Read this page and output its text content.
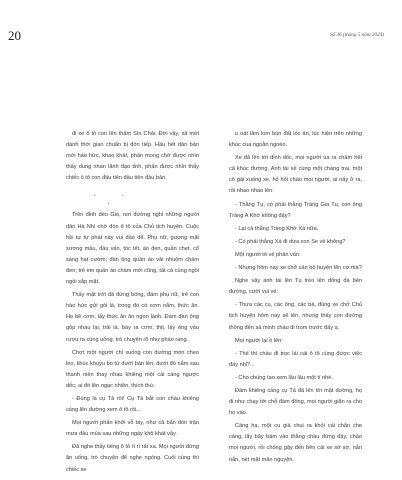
20	Số 36 (tháng 5 năm 2024)

đi xe ô tô con lên thăm Sìn Chải. Đời vậy, xã mới dành thời gian chuẩn bị đón tiếp. Hầu hết dân bản mới hào hức, khao khát, phấn mong chờ được nhìn thấy dung nhan lãnh đạo tỉnh, phấn được nhìn thấy chiếc ô tô con đầu tiên đầu tiên đầu bản.

*	*
*

Trên đỉnh đèo Gió, nơi đường nghỉ những người dân Hà Nhì chờ đón ô tô của Chủ tịch huyện. Cuộc hồi tự tự phát này vui đáo để. Phụ nữ, gương mặt sương màu, đầu vấn, tóc tết, áo đen, quần chẹt, cổ sáng hạt cườm; đàn ông quần áo vải nhuộm chàm đen; trẻ em quần áo chàm mới cũng, tất cả cùng ngồi ngồi sắp mặt.

Thấy mặt trời đã đứng bóng, đám phụ nữ, trẻ con hào hức gửi gói lá, trong đó có cơm nắm, thức ăn. Họ bẻ cơm, lấy thức ăn ăn ngon lành. Đám đàn ông gộp nhau lại, trải lá, bày ra cơm, thịt, lấy ống vầu rượu ra cùng uống, trò chuyện rổ như pháo rang.

Chợt một người chỉ xuống con đường mòn cheo leo, khúc khuỷu bo từ dưới bản lên, dưới đó nắm sau thanh niên thay nhau khiêng một cái cáng ngược dốc, ai đó lên ngạc nhiên, thích thú:

- Đúng là cụ Tả rồi! Cụ Tả bắt con cháu khiêng cáng lên đường xem ô tô rồi...

Mọi người phấn khởi vỗ tay, như cả bản đón trận mưa đầu mùa sau những ngày khô khát vậy.

Đã nghe thấy tiếng ô tô rì rì rất xa. Mọi người đứng ăn uống, trò chuyện để nghe ngóng. Cuối cùng thì chiếc xe

u oát lâm lom bùn đất lóc ấn, lúc hiện trên những khúc cua ngoằn ngoèo.

Xe đã lên tới đỉnh dốc, mọi người ùa ra chăm hết cả khúc đường. Anh tài xế cùng một chàng trai, một cô gái xuống xe, hỏ hỏi chào mọi người, ai nấy ở ra, rồi nhao nhao lên:

- Thằng Tụ, có phải thằng Tràng Gia Tụ, con ông Tràng A Khờ không đấy?

- Lại cả thằng Tràng Khờ Xá nữa.

- Có phải thằng Xá đi dưa con Se về không?

Một người tò vẻ phản vấn:

- Nhưng hôm nay xe chở cán bộ huyện lên cơ mà?

Nghe vậy anh tài lên Tụ trèo lên đống đá bên đường, cười vui vẻ:

- Thưa các cụ, các ông, các bà, đúng xe chở Chủ tịch huyện hôm nay sẽ lên, nhưng thấy con đường thông đến sà minh cháu đi trọm trước đấy ạ.

Mọi người lại ồ lên:

- Thế thì cháu đi trọc lái cái ô tô cùng được việc đấy nhỉ?...

- Cho chúng tao xem lâu lâu một tí nhé.

Đám khiêng cáng cụ Tả đã lên tới mặt đường, họ đi như chạy tới chỗ đám đông, mọi người giãn ra cho họ vào.

Cáng hạ, một cụ già chui ra khỏi cái chăn che cáng, lẩy bẩy bám vào thằng cháu đứng dậy, chào mọi người, rồi chống gậy đến bên cái xe sờ sờ, nắn nắn, nét mặt mãn nguyện.
